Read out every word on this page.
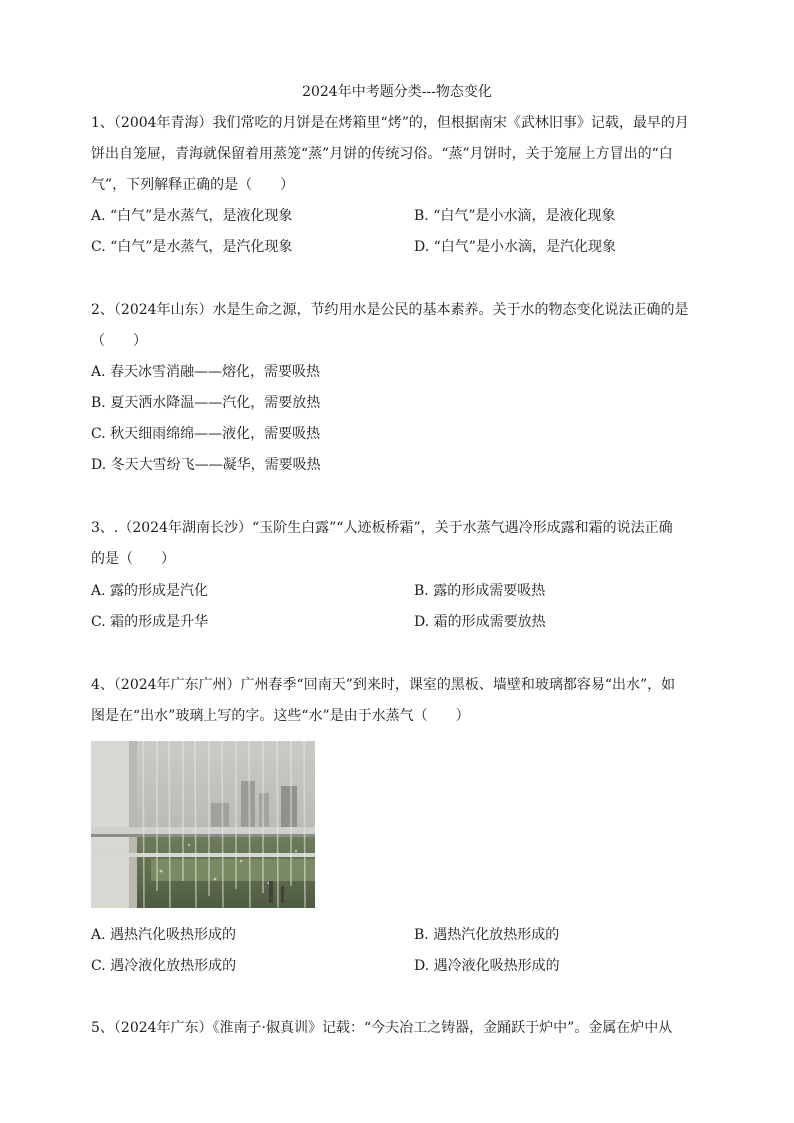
2024年中考题分类---物态变化
1、（2004年青海）我们常吃的月饼是在烤箱里“烤”的，但根据南宋《武林旧事》记载，最早的月
饼出自笼屉，青海就保留着用蒸笼“蒸”月饼的传统习俗。“蒸”月饼时，关于笼屉上方冒出的“白
气”，下列解释正确的是（　　）
A. “白气”是水蒸气，是液化现象	B. “白气”是小水滴，是液化现象
C. “白气”是水蒸气，是汽化现象	D. “白气”是小水滴，是汽化现象
2、（2024年山东）水是生命之源，节约用水是公民的基本素养。关于水的物态变化说法正确的是
（　　）
A. 春天冰雪消融——熔化，需要吸热
B. 夏天洒水降温——汽化，需要放热
C. 秋天细雨绵绵——液化，需要吸热
D. 冬天大雪纷飞——凝华，需要吸热
3、.（2024年湖南长沙）“玉阶生白露”“人迹板桥霜”，关于水蒸气遇冷形成露和霜的说法正确
的是（　　）
A. 露的形成是汽化	B. 露的形成需要吸热
C. 霜的形成是升华	D. 霜的形成需要放热
4、（2024年广东广州）广州春季“回南天”到来时，课室的黑板、墙壁和玻璃都容易“出水”，如
图是在“出水”玻璃上写的字。这些“水”是由于水蒸气（　　）
A. 遇热汽化吸热形成的	B. 遇热汽化放热形成的
C. 遇冷液化放热形成的	D. 遇冷液化吸热形成的
5、（2024年广东）《淮南子·俶真训》记载：“今夫冶工之铸器，金踊跃于炉中”。金属在炉中从
